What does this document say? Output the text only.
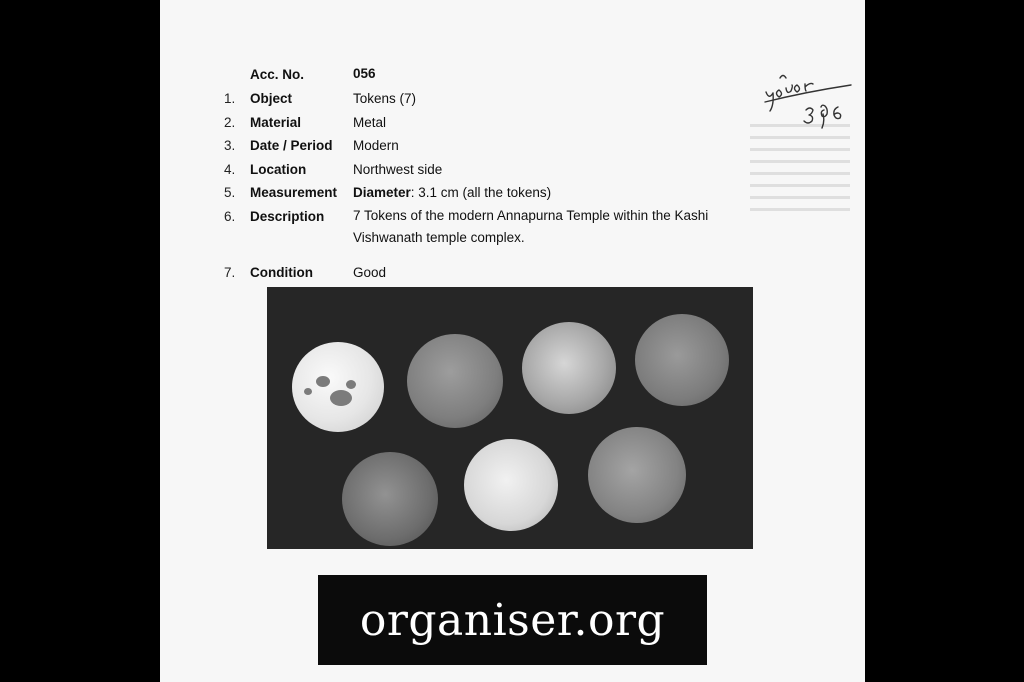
Acc. No.	056
1.	Object	Tokens (7)
2.	Material	Metal
3.	Date / Period Modern
4.	Location	Northwest side
5.	Measurement Diameter: 3.1 cm (all the tokens)
6.	Description 7 Tokens of the modern Annapurna Temple within the Kashi
Vishwanath temple complex.
7.	Condition	Good
organiser.org
